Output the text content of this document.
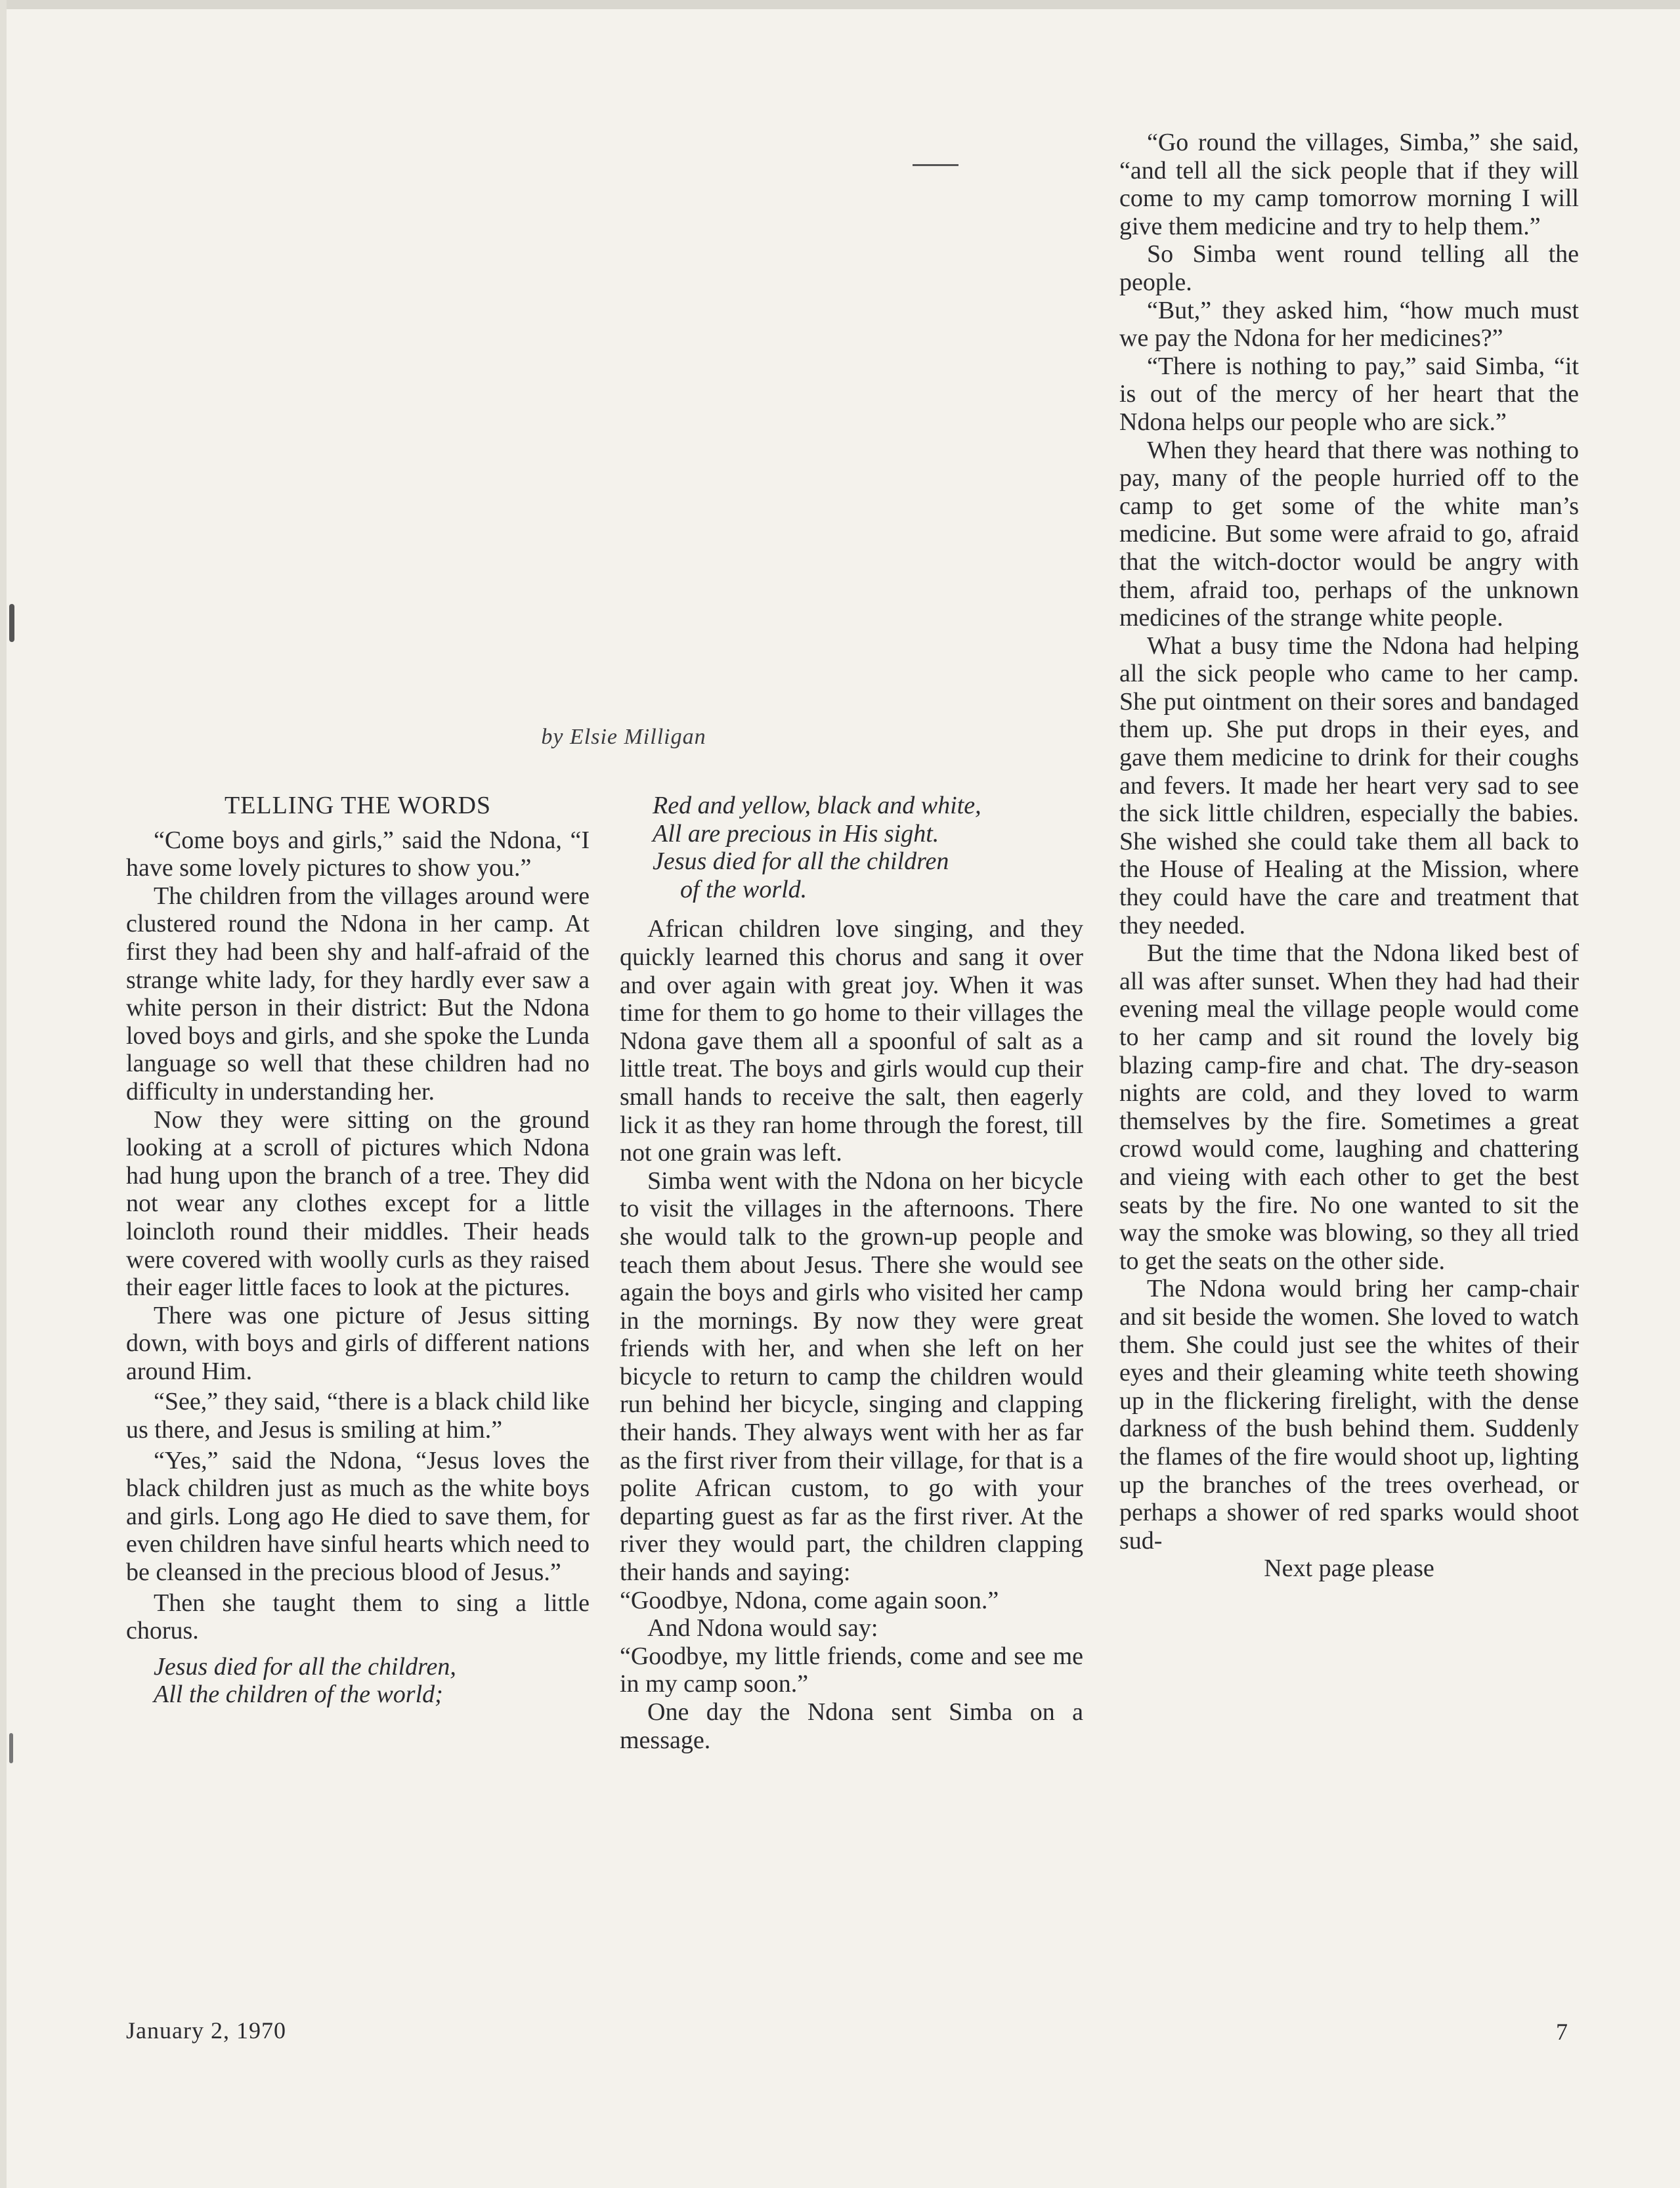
by Elsie Milligan
TELLING THE WORDS

“Come boys and girls,” said the Ndona, “I have some lovely pictures to show you.”

The children from the villages around were clustered round the Ndona in her camp. At first they had been shy and half-afraid of the strange white lady, for they hardly ever saw a white person in their district: But the Ndona loved boys and girls, and she spoke the Lunda language so well that these children had no difficulty in understanding her.

Now they were sitting on the ground looking at a scroll of pictures which Ndona had hung upon the branch of a tree. They did not wear any clothes except for a little loincloth round their middles. Their heads were covered with woolly curls as they raised their eager little faces to look at the pictures.

There was one picture of Jesus sitting down, with boys and girls of different nations around Him.

“See,” they said, “there is a black child like us there, and Jesus is smiling at him.”

“Yes,” said the Ndona, “Jesus loves the black children just as much as the white boys and girls. Long ago He died to save them, for even children have sinful hearts which need to be cleansed in the precious blood of Jesus.”

Then she taught them to sing a little chorus.

Jesus died for all the children,
All the children of the world;
Red and yellow, black and white,
All are precious in His sight.
Jesus died for all the children
of the world.

African children love singing, and they quickly learned this chorus and sang it over and over again with great joy. When it was time for them to go home to their villages the Ndona gave them all a spoonful of salt as a little treat. The boys and girls would cup their small hands to receive the salt, then eagerly lick it as they ran home through the forest, till not one grain was left.

Simba went with the Ndona on her bicycle to visit the villages in the afternoons. There she would talk to the grown-up people and teach them about Jesus. There she would see again the boys and girls who visited her camp in the mornings. By now they were great friends with her, and when she left on her bicycle to return to camp the children would run behind her bicycle, singing and clapping their hands. They always went with her as far as the first river from their village, for that is a polite African custom, to go with your departing guest as far as the first river. At the river they would part, the children clapping their hands and saying:

“Goodbye, Ndona, come again soon.”

And Ndona would say:

“Goodbye, my little friends, come and see me in my camp soon.”

One day the Ndona sent Simba on a message.

“Go round the villages, Simba,” she said, “and tell all the sick people that if they will come to my camp tomorrow morning I will give them medicine and try to help them.”

So Simba went round telling all the people.

“But,” they asked him, “how much must we pay the Ndona for her medicines?”

“There is nothing to pay,” said Simba, “it is out of the mercy of her heart that the Ndona helps our people who are sick.”

When they heard that there was nothing to pay, many of the people hurried off to the camp to get some of the white man’s medicine. But some were afraid to go, afraid that the witch-doctor would be angry with them, afraid too, perhaps of the unknown medicines of the strange white people.

What a busy time the Ndona had helping all the sick people who came to her camp. She put ointment on their sores and bandaged them up. She put drops in their eyes, and gave them medicine to drink for their coughs and fevers. It made her heart very sad to see the sick little children, especially the babies. She wished she could take them all back to the House of Healing at the Mission, where they could have the care and treatment that they needed.

But the time that the Ndona liked best of all was after sunset. When they had had their evening meal the village people would come to her camp and sit round the lovely big blazing camp-fire and chat. The dry-season nights are cold, and they loved to warm themselves by the fire. Sometimes a great crowd would come, laughing and chattering and vieing with each other to get the best seats by the fire. No one wanted to sit the way the smoke was blowing, so they all tried to get the seats on the other side.

The Ndona would bring her camp-chair and sit beside the women. She loved to watch them. She could just see the whites of their eyes and their gleaming white teeth showing up in the flickering firelight, with the dense darkness of the bush behind them. Suddenly the flames of the fire would shoot up, lighting up the branches of the trees overhead, or perhaps a shower of red sparks would shoot sud-

Next page please

January 2, 1970	7
